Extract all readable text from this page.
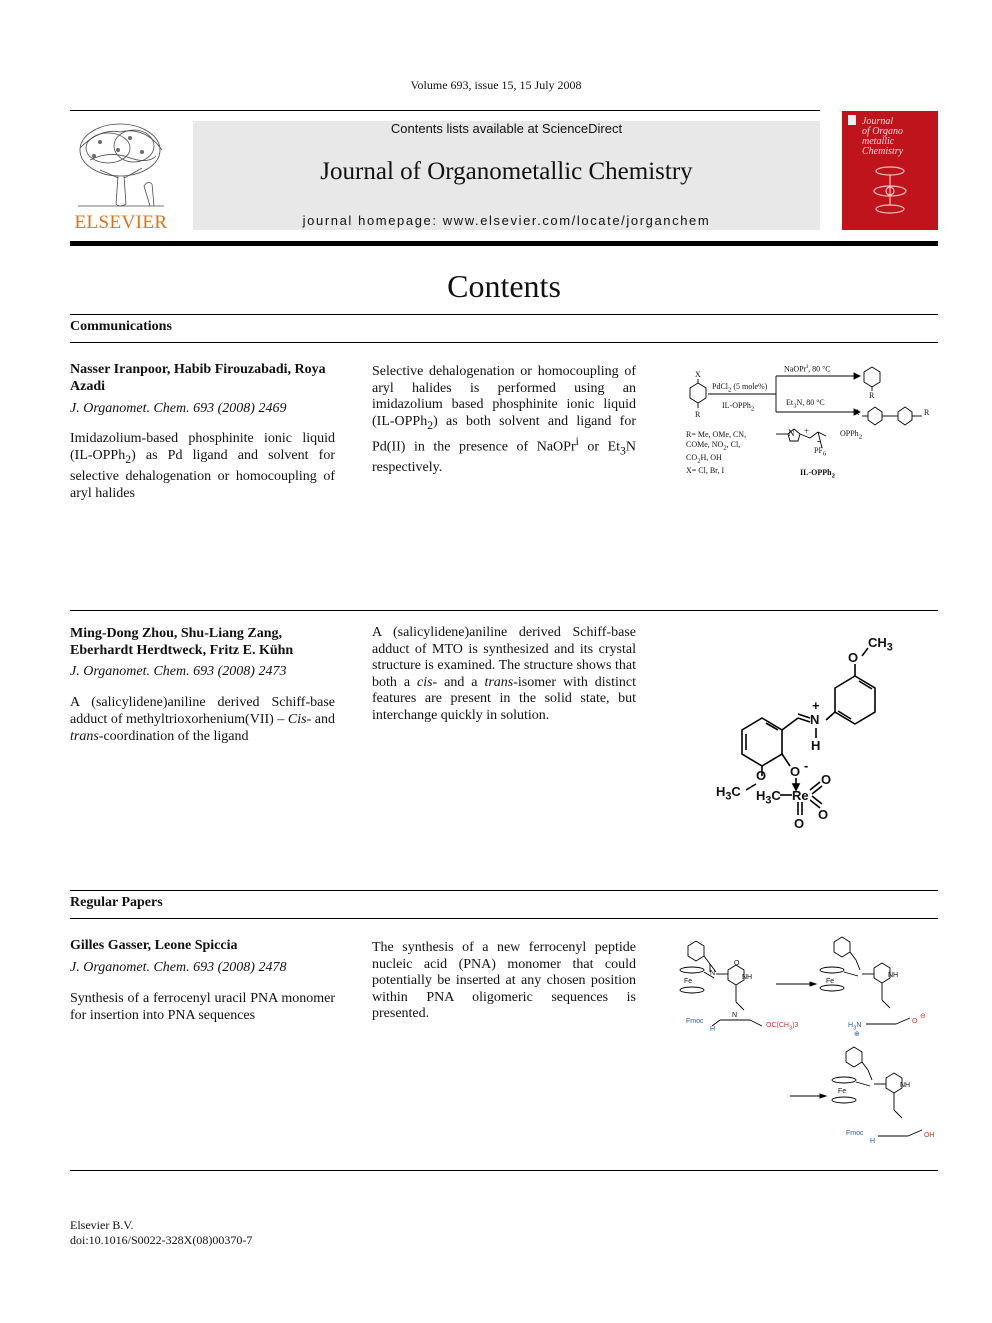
Volume 693, issue 15, 15 July 2008
ELSEVIER
Contents lists available at ScienceDirect
Journal of Organometallic Chemistry
journal homepage: www.elsevier.com/locate/jorganchem
Journal
of Organo
metallic
Chemistry
Contents
Communications
Nasser Iranpoor, Habib Firouzabadi, Roya Azadi
J. Organomet. Chem. 693 (2008) 2469
Imidazolium-based phosphinite ionic liquid (IL-OPPh$_2$) as Pd ligand and solvent for selective dehalogenation or homocoupling of aryl halides
Selective dehalogenation or homocoupling of aryl halides is performed using an imidazolium based phosphinite ionic liquid (IL-OPPh$_2$) as both solvent and ligand for Pd(II) in the presence of NaOPr$^i$ or $Et_3N$ respectively.
X
R
PdCl$_2$ (5 mole%)
IL-OPPh$_2$
NaOPr$^i$, 80 °C
$Et_3N$, 80 °C
R
R	R
R= Me, OMe, CN,
COMe, $NO_2$, Cl,
$CO_2H$, OH
X= Cl, Br, I
N +
-
OPPh$_2$
$PF_6$
IL-OPPh$_2$
Ming-Dong Zhou, Shu-Liang Zang, Eberhardt Herdtweck, Fritz E. Kühn
J. Organomet. Chem. 693 (2008) 2473
A (salicylidene)aniline derived Schiff-base adduct of methyltrioxorhenium(VII) – Cis- and trans-coordination of the ligand
A (salicylidene)aniline derived Schiff-base adduct of MTO is synthesized and its crystal structure is examined. The structure shows that both a cis- and a trans-isomer with distinct features are present in the solid state, but interchange quickly in solution.
O
$CH_3$
N
+
H
O -
O
$H_3C$ $H_3C$ Re
O
O
O
Regular Papers
Gilles Gasser, Leone Spiccia
J. Organomet. Chem. 693 (2008) 2478
Synthesis of a ferrocenyl uracil PNA monomer for insertion into PNA sequences
The synthesis of a new ferrocenyl peptide nucleic acid (PNA) monomer that could potentially be inserted at any chosen position within PNA oligomeric sequences is presented.
Fe
N
NH
O
N
Fmoc
H
$OC(CH_3)3$
Fe
NH
$H_3N$
⊕
O
⊖
Fe
NH
Fmoc
H
OH
Elsevier B.V.
doi:10.1016/S0022-328X(08)00370-7
